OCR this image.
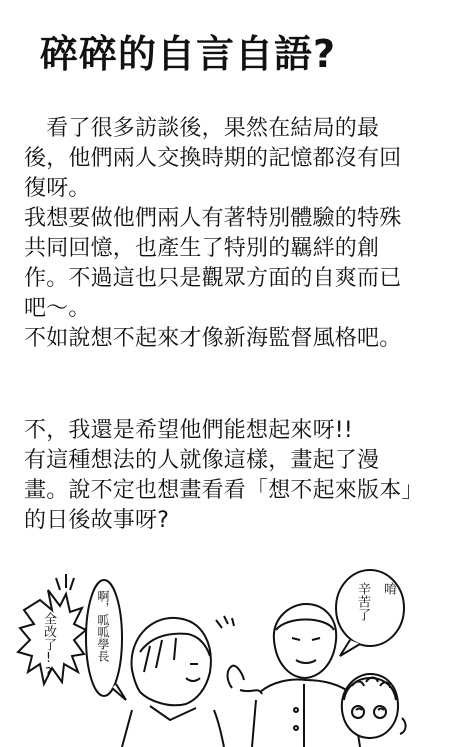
碎碎的自言自語?

　看了很多訪談後，果然在結局的最後，他們兩人交換時期的記憶都沒有回復呀。

我想要做他們兩人有著特別體驗的特殊共同回憶，也產生了特別的羈絆的創作。不過這也只是觀眾方面的自爽而已吧～。

不如說想不起來才像新海監督風格吧。

不，我還是希望他們能想起來呀!!

有這種想法的人就像這樣，畫起了漫畫。說不定也想畫看看「想不起來版本」的日後故事呀?

全改了!?	啊，呱呱學長	辛苦了 唷
